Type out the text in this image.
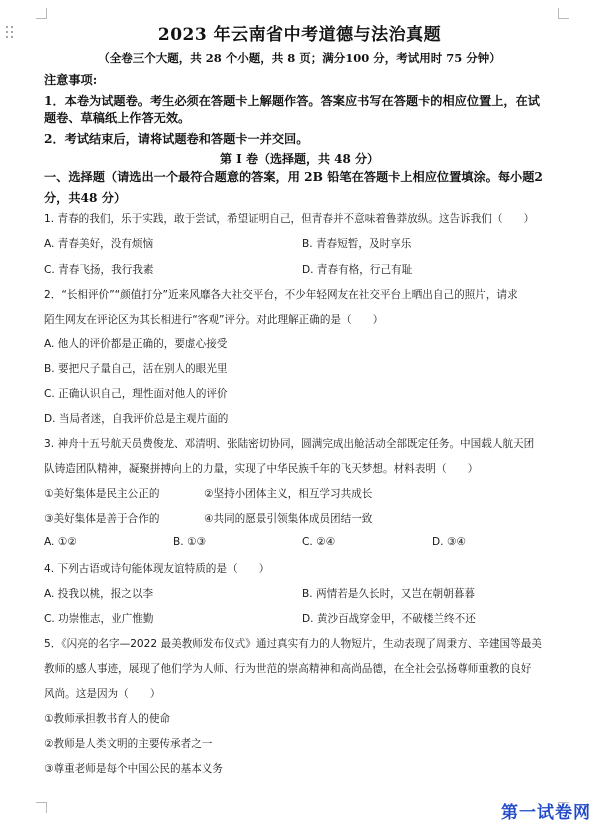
2023 年云南省中考道德与法治真题
（全卷三个大题，共 28 个小题，共 8 页；满分100 分，考试用时 75 分钟）
注意事项:
1．本卷为试题卷。考生必须在答题卡上解题作答。答案应书写在答题卡的相应位置上，在试
题卷、草稿纸上作答无效。
2．考试结束后，请将试题卷和答题卡一并交回。
第 I 卷（选择题，共 48 分）
一、选择题（请选出一个最符合题意的答案，用 2B 铅笔在答题卡上相应位置填涂。每小题2
分，共48 分）
1. 青春的我们，乐于实践，敢于尝试，希望证明自己，但青春并不意味着鲁莽放纵。这告诉我们（　　）
A. 青春美好，没有烦恼	B. 青春短暂，及时享乐
C. 青春飞扬，我行我素	D. 青春有格，行己有耻
2．“长相评价”“颜值打分”近来风靡各大社交平台，不少年轻网友在社交平台上晒出自己的照片，请求
陌生网友在评论区为其长相进行“客观”评分。对此理解正确的是（　　）
A. 他人的评价都是正确的，要虚心接受
B. 要把尺子量自己，活在别人的眼光里
C. 正确认识自己，理性面对他人的评价
D. 当局者迷，自我评价总是主观片面的
3. 神舟十五号航天员费俊龙、邓清明、张陆密切协同，圆满完成出舱活动全部既定任务。中国载人航天团
队铸造团队精神，凝聚拼搏向上的力量，实现了中华民族千年的飞天梦想。材料表明（　　）
①美好集体是民主公正的	②坚持小团体主义，相互学习共成长
③美好集体是善于合作的	④共同的愿景引领集体成员团结一致
A. ①②	B. ①③	C. ②④	D. ③④
4. 下列古语或诗句能体现友谊特质的是（　　）
A. 投我以桃，报之以李	B. 两情若是久长时，又岂在朝朝暮暮
C. 功崇惟志，业广惟勤	D. 黄沙百战穿金甲，不破楼兰终不还
5．《闪亮的名字—2022 最美教师发布仪式》通过真实有力的人物短片，生动表现了周秉方、辛建国等最美
教师的感人事迹，展现了他们学为人师、行为世范的崇高精神和高尚品德，在全社会弘扬尊师重教的良好
风尚。这是因为（　　）
①教师承担教书育人的使命
②教师是人类文明的主要传承者之一
③尊重老师是每个中国公民的基本义务
第一试卷网
